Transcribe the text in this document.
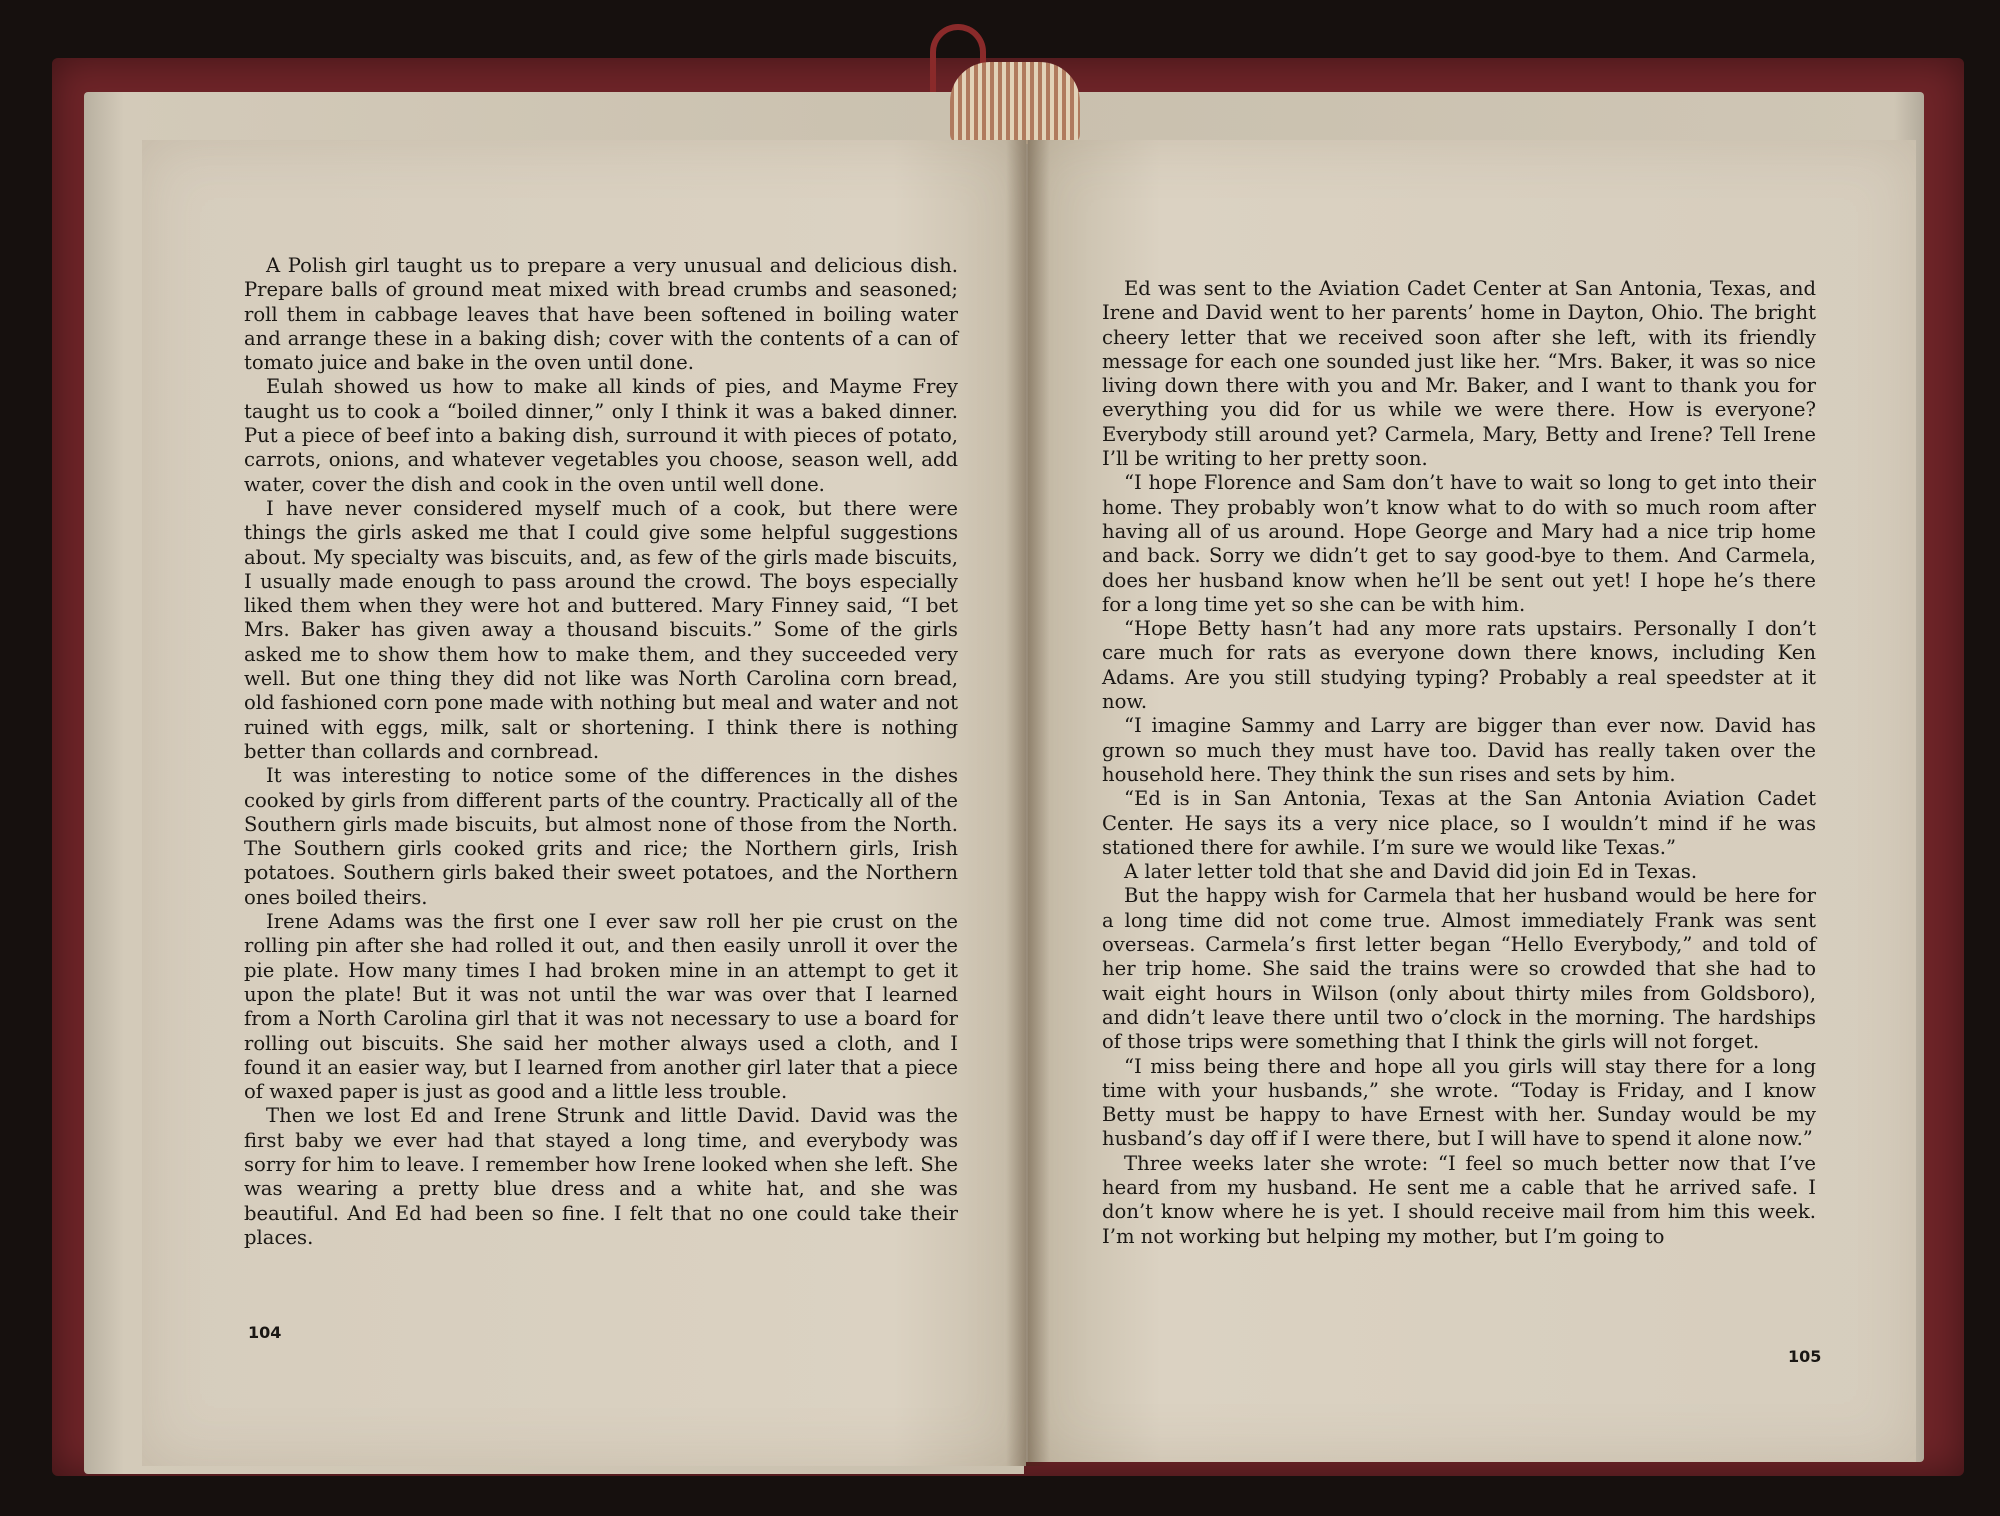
A Polish girl taught us to prepare a very unusual and delicious dish. Prepare balls of ground meat mixed with bread crumbs and seasoned; roll them in cabbage leaves that have been softened in boiling water and arrange these in a baking dish; cover with the contents of a can of tomato juice and bake in the oven until done.

Eulah showed us how to make all kinds of pies, and Mayme Frey taught us to cook a “boiled dinner,” only I think it was a baked dinner. Put a piece of beef into a baking dish, surround it with pieces of potato, carrots, onions, and whatever vegetables you choose, season well, add water, cover the dish and cook in the oven until well done.

I have never considered myself much of a cook, but there were things the girls asked me that I could give some helpful suggestions about. My specialty was biscuits, and, as few of the girls made biscuits, I usually made enough to pass around the crowd. The boys especially liked them when they were hot and buttered. Mary Finney said, “I bet Mrs. Baker has given away a thousand biscuits.” Some of the girls asked me to show them how to make them, and they succeeded very well. But one thing they did not like was North Carolina corn bread, old fashioned corn pone made with nothing but meal and water and not ruined with eggs, milk, salt or shortening. I think there is nothing better than collards and cornbread.

It was interesting to notice some of the differences in the dishes cooked by girls from different parts of the country. Practically all of the Southern girls made biscuits, but almost none of those from the North. The Southern girls cooked grits and rice; the Northern girls, Irish potatoes. Southern girls baked their sweet potatoes, and the Northern ones boiled theirs.

Irene Adams was the first one I ever saw roll her pie crust on the rolling pin after she had rolled it out, and then easily unroll it over the pie plate. How many times I had broken mine in an attempt to get it upon the plate! But it was not until the war was over that I learned from a North Carolina girl that it was not necessary to use a board for rolling out biscuits. She said her mother always used a cloth, and I found it an easier way, but I learned from another girl later that a piece of waxed paper is just as good and a little less trouble.

Then we lost Ed and Irene Strunk and little David. David was the first baby we ever had that stayed a long time, and everybody was sorry for him to leave. I remember how Irene looked when she left. She was wearing a pretty blue dress and a white hat, and she was beautiful. And Ed had been so fine. I felt that no one could take their places.

104

Ed was sent to the Aviation Cadet Center at San Antonia, Texas, and Irene and David went to her parents’ home in Dayton, Ohio. The bright cheery letter that we received soon after she left, with its friendly message for each one sounded just like her. “Mrs. Baker, it was so nice living down there with you and Mr. Baker, and I want to thank you for everything you did for us while we were there. How is everyone? Everybody still around yet? Carmela, Mary, Betty and Irene? Tell Irene I’ll be writing to her pretty soon.

“I hope Florence and Sam don’t have to wait so long to get into their home. They probably won’t know what to do with so much room after having all of us around. Hope George and Mary had a nice trip home and back. Sorry we didn’t get to say good-bye to them. And Carmela, does her husband know when he’ll be sent out yet! I hope he’s there for a long time yet so she can be with him.

“Hope Betty hasn’t had any more rats upstairs. Personally I don’t care much for rats as everyone down there knows, including Ken Adams. Are you still studying typing? Probably a real speedster at it now.

“I imagine Sammy and Larry are bigger than ever now. David has grown so much they must have too. David has really taken over the household here. They think the sun rises and sets by him.

“Ed is in San Antonia, Texas at the San Antonia Aviation Cadet Center. He says its a very nice place, so I wouldn’t mind if he was stationed there for awhile. I’m sure we would like Texas.”

A later letter told that she and David did join Ed in Texas.

But the happy wish for Carmela that her husband would be here for a long time did not come true. Almost immediately Frank was sent overseas. Carmela’s first letter began “Hello Everybody,” and told of her trip home. She said the trains were so crowded that she had to wait eight hours in Wilson (only about thirty miles from Goldsboro), and didn’t leave there until two o’clock in the morning. The hardships of those trips were something that I think the girls will not forget.

“I miss being there and hope all you girls will stay there for a long time with your husbands,” she wrote. “Today is Friday, and I know Betty must be happy to have Ernest with her. Sunday would be my husband’s day off if I were there, but I will have to spend it alone now.”

Three weeks later she wrote: “I feel so much better now that I’ve heard from my husband. He sent me a cable that he arrived safe. I don’t know where he is yet. I should receive mail from him this week. I’m not working but helping my mother, but I’m going to

105
